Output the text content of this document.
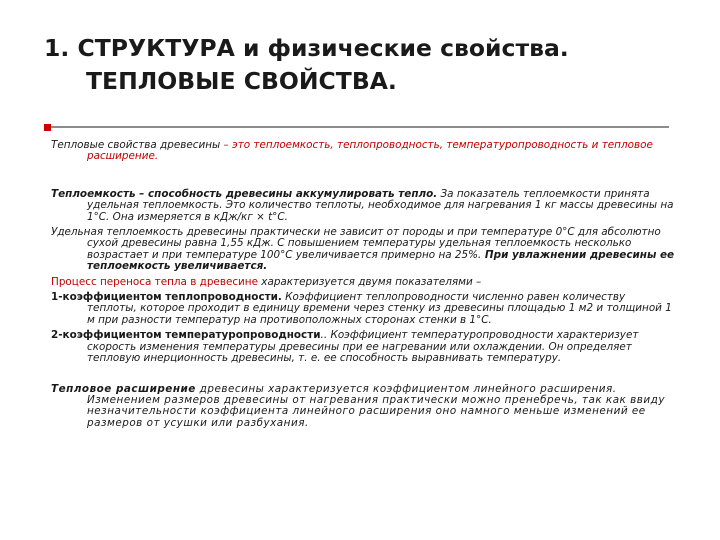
1. СТРУКТУРА и физические свойства.
ТЕПЛОВЫЕ СВОЙСТВА.

Тепловые свойства древесины – это теплоемкость, теплопроводность, температуропроводность и тепловое расширение.

Теплоемкость – способность древесины аккумулировать тепло. За показатель теплоемкости принята удельная теплоемкость. Это количество теплоты, необходимое для нагревания 1 кг массы древесины на 1°С. Она измеряется в кДж/кг × t°С.

Удельная теплоемкость древесины практически не зависит от породы и при температуре 0°С для абсолютно сухой древесины равна 1,55 кДж. С повышением температуры удельная теплоемкость несколько возрастает и при температуре 100°С увеличивается примерно на 25%. При увлажнении древесины ее теплоемкость увеличивается.

Процесс переноса тепла в древесине характеризуется двумя показателями –

1-коэффициентом теплопроводности. Коэффициент теплопроводности численно равен количеству теплоты, которое проходит в единицу времени через стенку из древесины площадью 1 м2 и толщиной 1 м при разности температур на противоположных сторонах стенки в 1°С.

2-коэффициентом температуропроводности.. Коэффициент температуропроводности характеризует скорость изменения температуры древесины при ее нагревании или охлаждении. Он определяет тепловую инерционность древесины, т. е. ее способность выравнивать температуру.

Тепловое расширение древесины характеризуется коэффициентом линейного расширения. Изменением размеров древесины от нагревания практически можно пренебречь, так как ввиду незначительности коэффициента линейного расширения оно намного меньше изменений ее размеров от усушки или разбухания.
